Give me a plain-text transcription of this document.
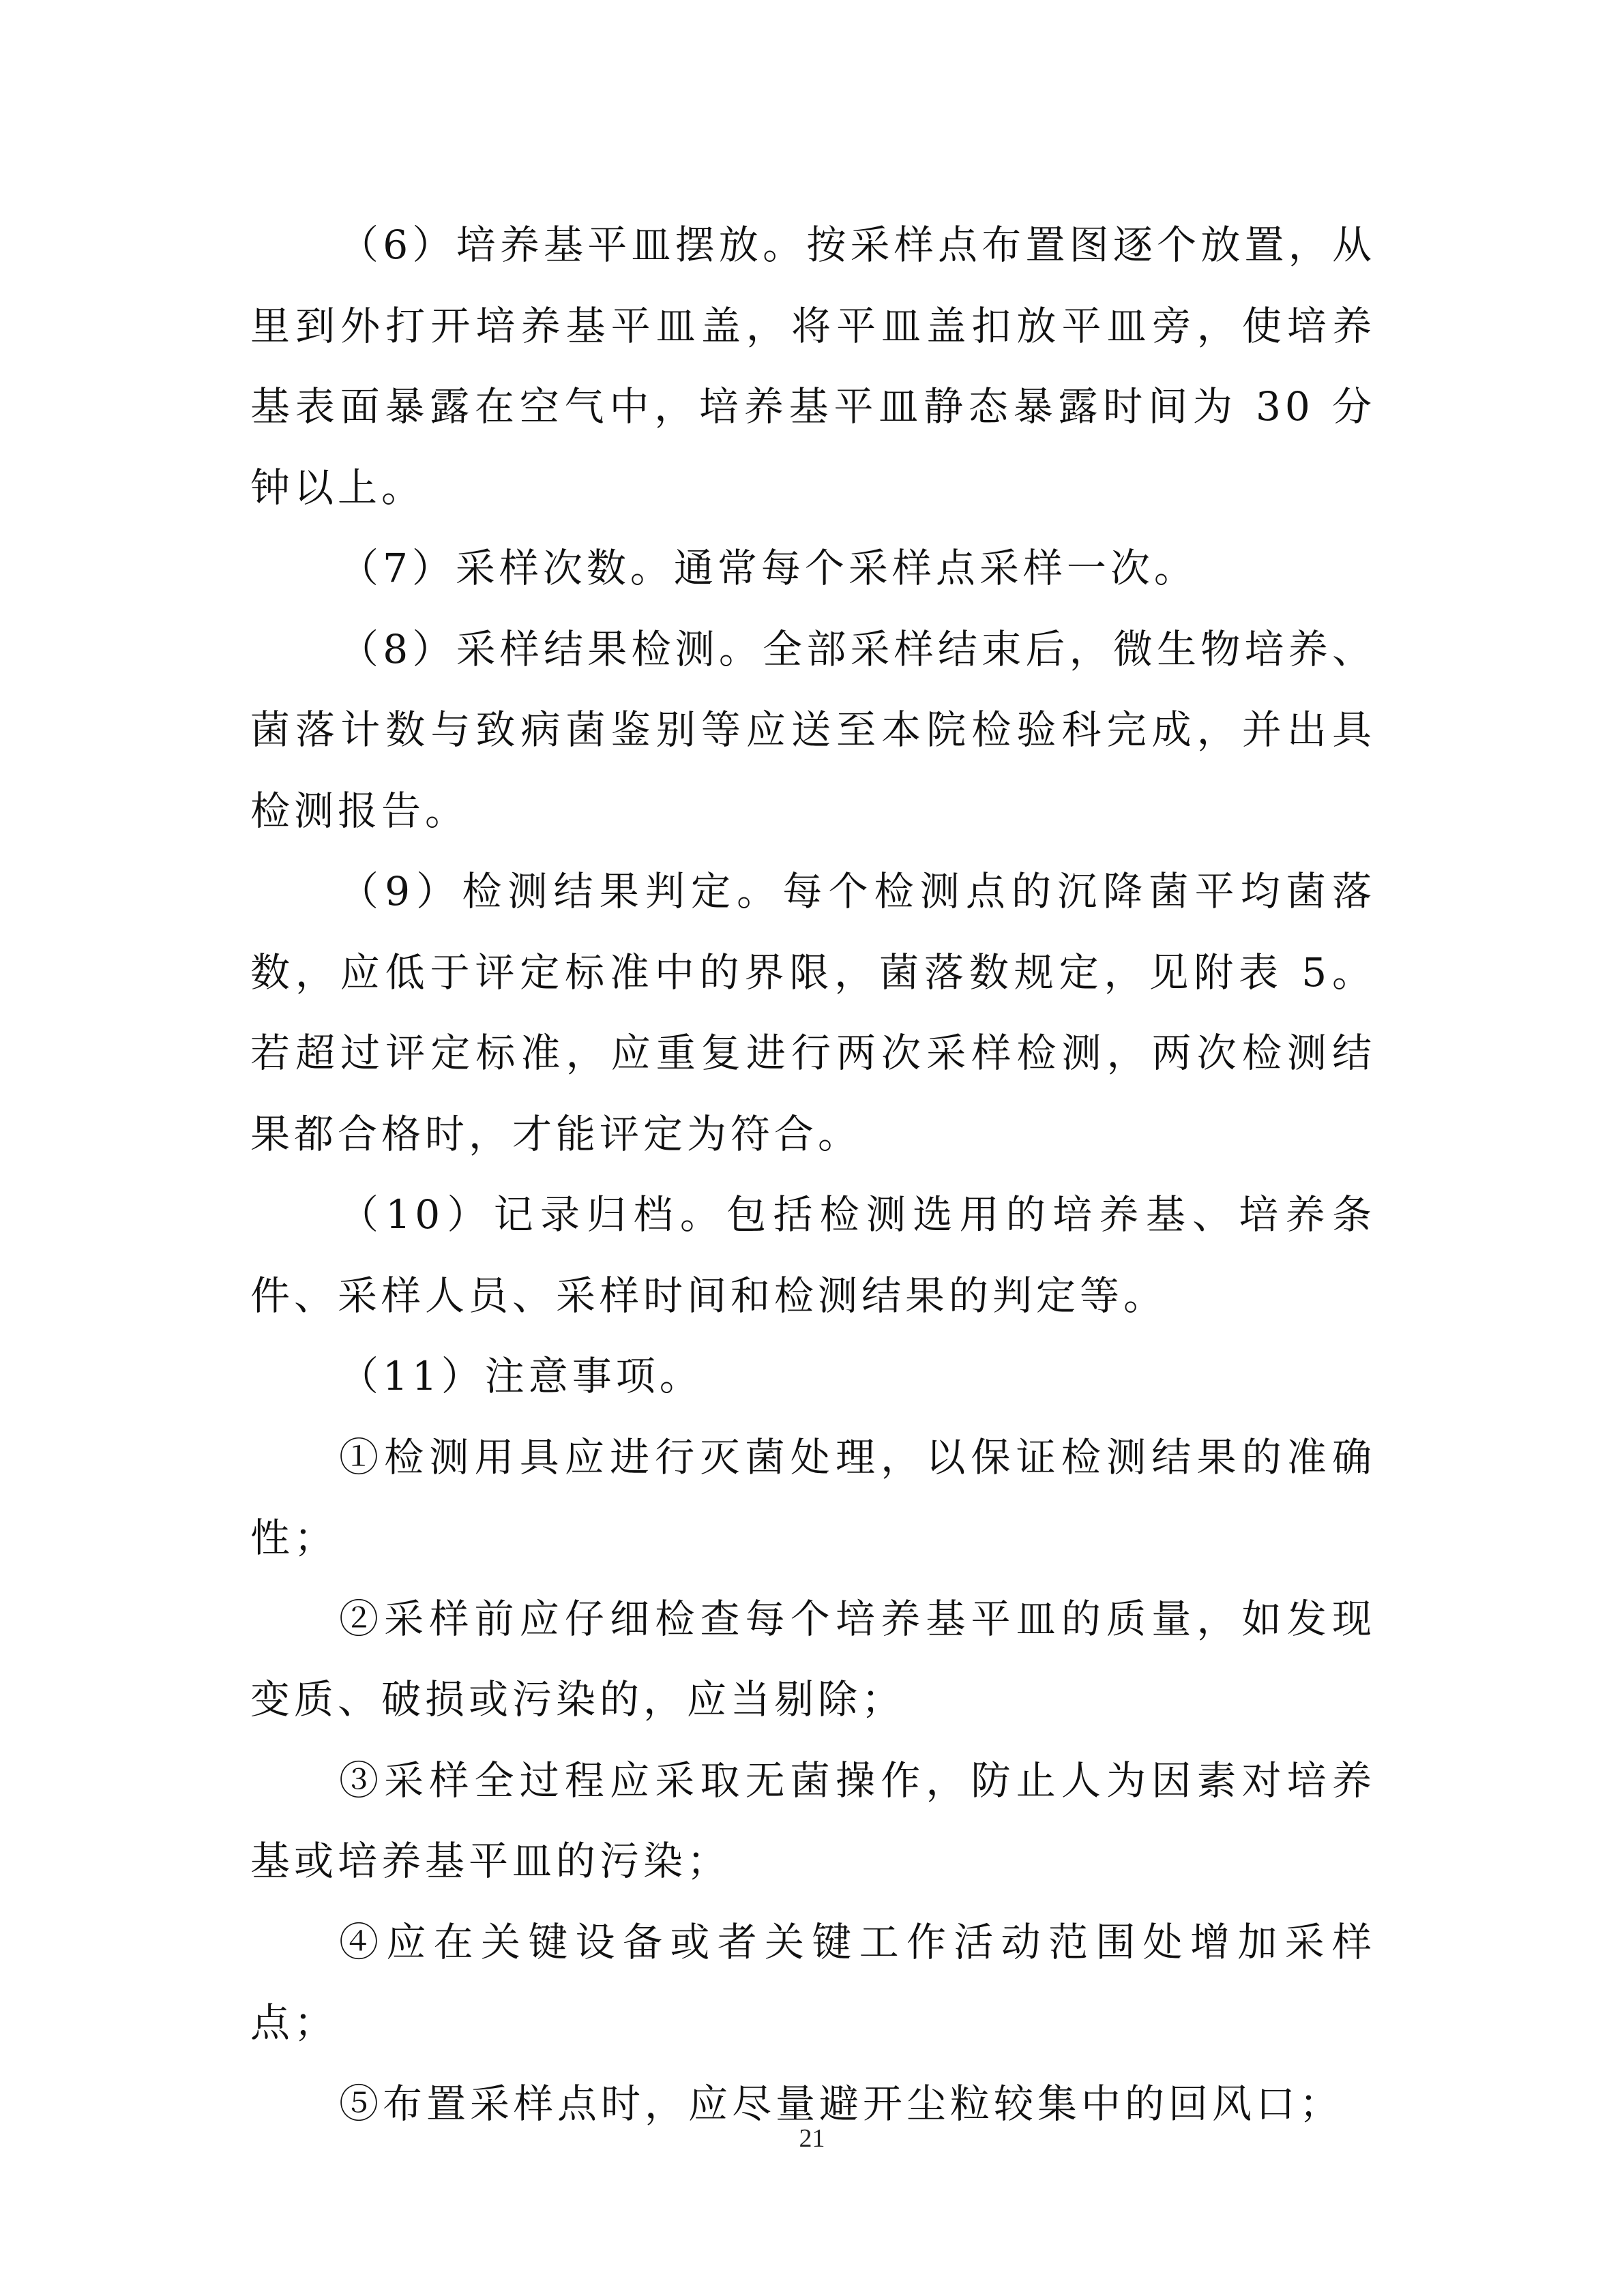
（6）培养基平皿摆放。按采样点布置图逐个放置，从里到外打开培养基平皿盖，将平皿盖扣放平皿旁，使培养基表面暴露在空气中，培养基平皿静态暴露时间为 30 分钟以上。

（7）采样次数。通常每个采样点采样一次。

（8）采样结果检测。全部采样结束后，微生物培养、菌落计数与致病菌鉴别等应送至本院检验科完成，并出具检测报告。

（9）检测结果判定。每个检测点的沉降菌平均菌落数，应低于评定标准中的界限，菌落数规定，见附表 5。若超过评定标准，应重复进行两次采样检测，两次检测结果都合格时，才能评定为符合。

（10）记录归档。包括检测选用的培养基、培养条件、采样人员、采样时间和检测结果的判定等。

（11）注意事项。

①检测用具应进行灭菌处理，以保证检测结果的准确性；

②采样前应仔细检查每个培养基平皿的质量，如发现变质、破损或污染的，应当剔除；

③采样全过程应采取无菌操作，防止人为因素对培养基或培养基平皿的污染；

④应在关键设备或者关键工作活动范围处增加采样点；

⑤布置采样点时，应尽量避开尘粒较集中的回风口；

21
